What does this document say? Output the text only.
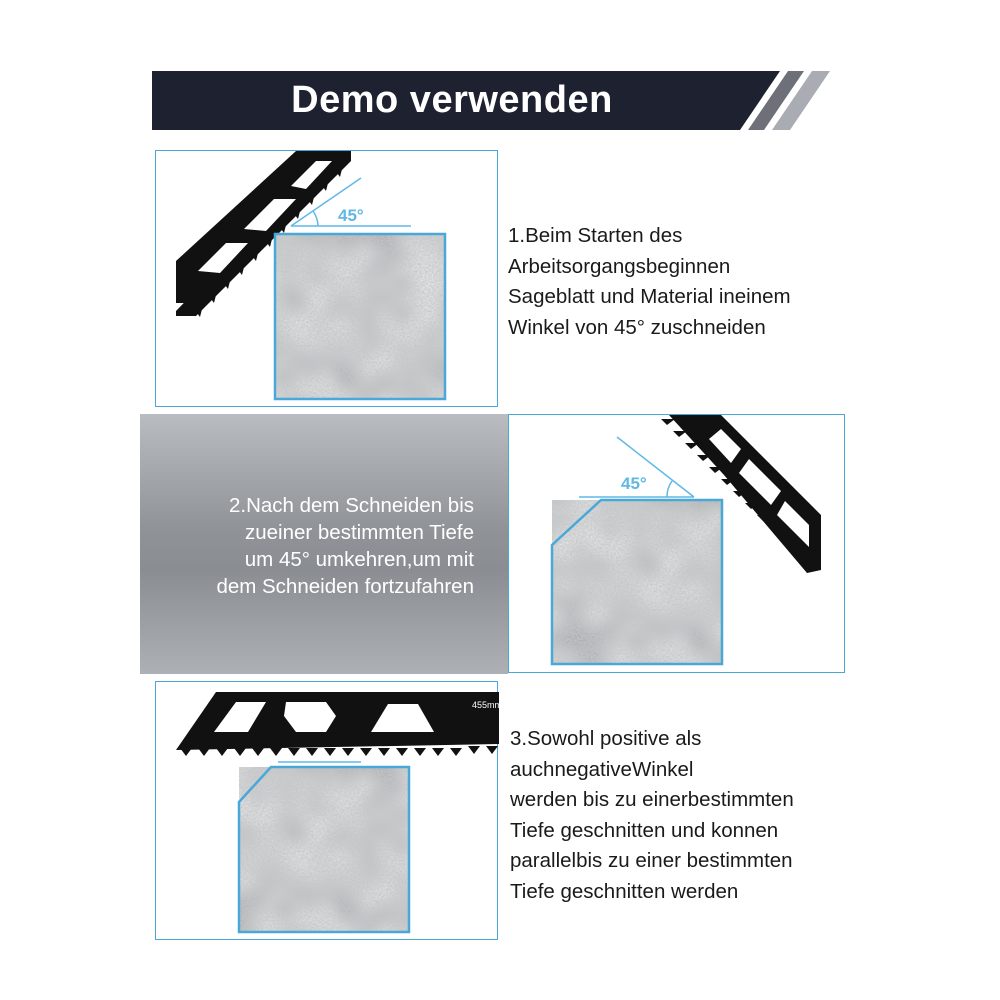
Demo verwenden
45°
1.Beim Starten des
Arbeitsorgangsbeginnen
Sageblatt und Material ineinem
Winkel von 45° zuschneiden
2.Nach dem Schneiden bis
zueiner bestimmten Tiefe
um 45° umkehren,um mit
dem Schneiden fortzufahren
45°
455mm
3.Sowohl positive als
auchnegativeWinkel
werden bis zu einerbestimmten
Tiefe geschnitten und konnen
parallelbis zu einer bestimmten
Tiefe geschnitten werden
